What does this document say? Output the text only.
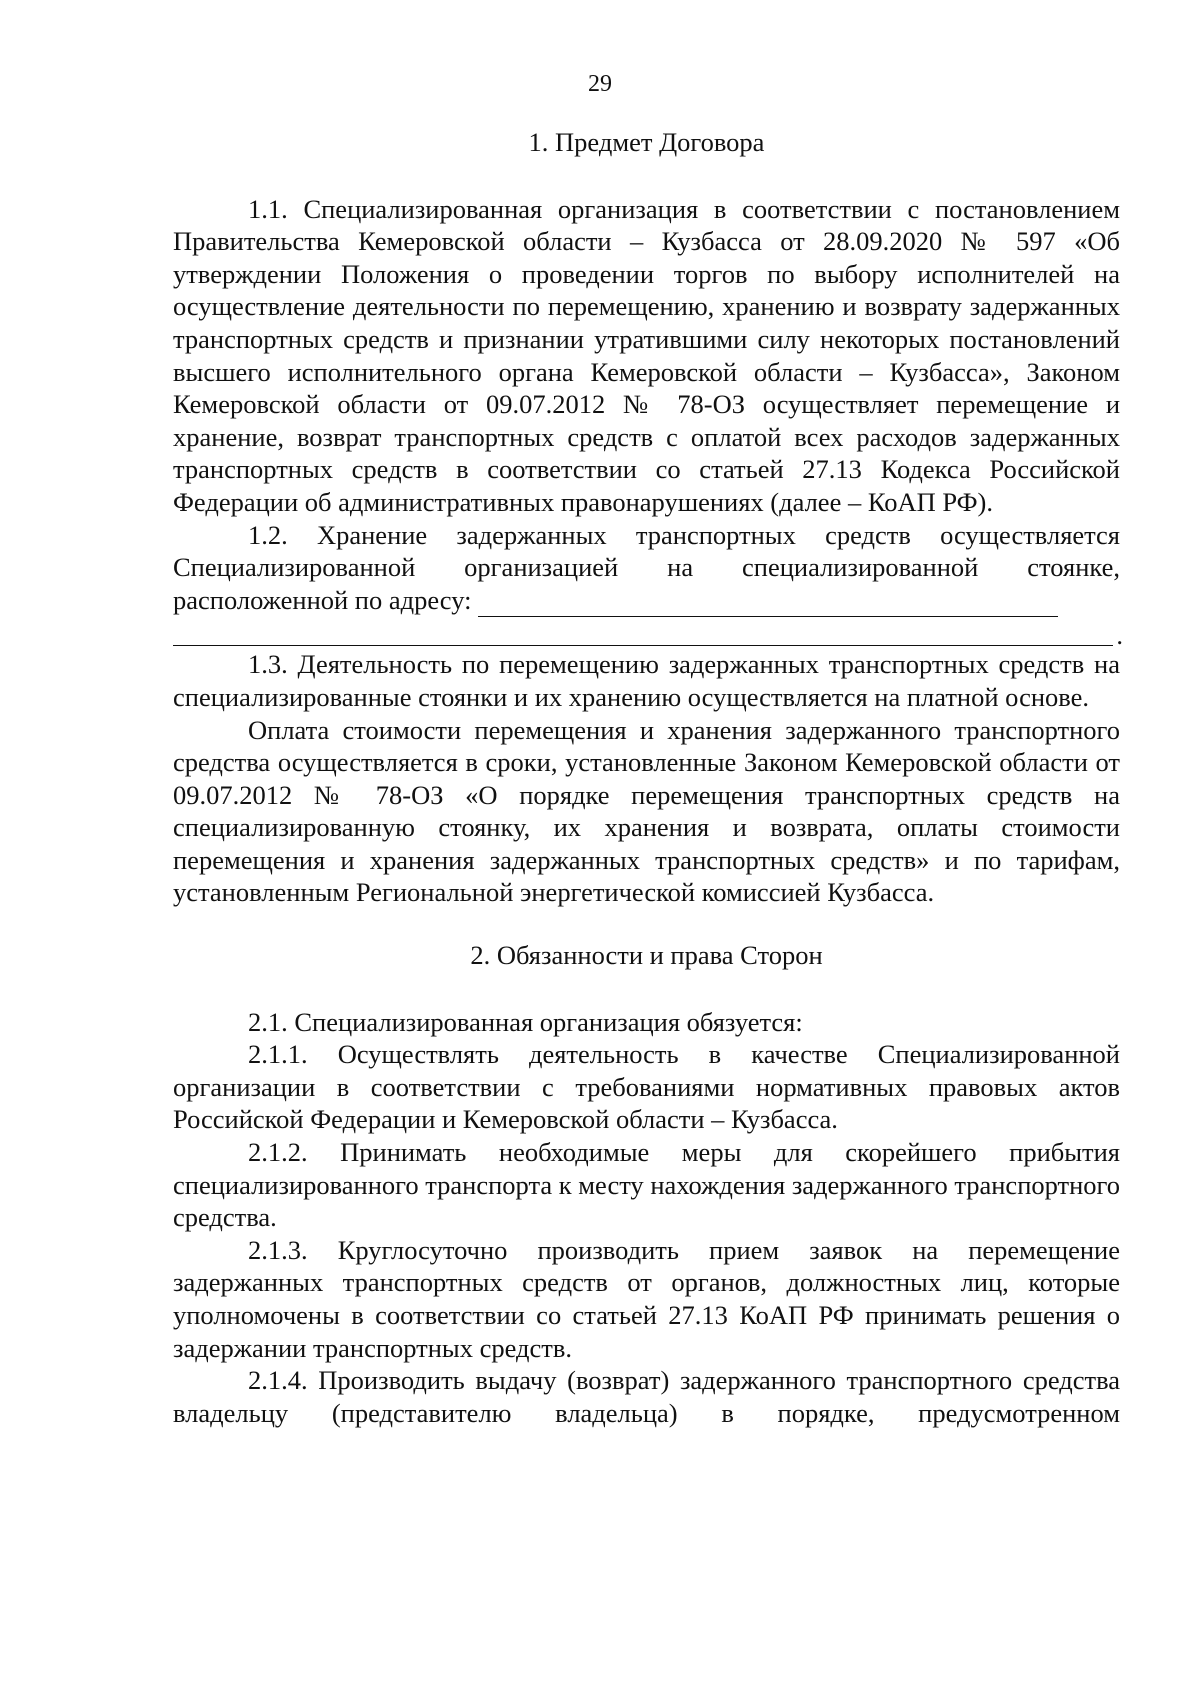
29
1. Предмет Договора

1.1. Специализированная организация в соответствии с постановлением Правительства Кемеровской области – Кузбасса от 28.09.2020 № 597 «Об утверждении Положения о проведении торгов по выбору исполнителей на осуществление деятельности по перемещению, хранению и возврату задержанных транспортных средств и признании утратившими силу некоторых постановлений высшего исполнительного органа Кемеровской области – Кузбасса», Законом Кемеровской области от 09.07.2012 № 78-ОЗ осуществляет перемещение и хранение, возврат транспортных средств с оплатой всех расходов задержанных транспортных средств в соответствии со статьей 27.13 Кодекса Российской Федерации об административных правонарушениях (далее – КоАП РФ).

1.2. Хранение задержанных транспортных средств осуществляется Специализированной организацией на специализированной стоянке, расположенной по адресу:

.

1.3. Деятельность по перемещению задержанных транспортных средств на специализированные стоянки и их хранению осуществляется на платной основе.

Оплата стоимости перемещения и хранения задержанного транспортного средства осуществляется в сроки, установленные Законом Кемеровской области от 09.07.2012 № 78-ОЗ «О порядке перемещения транспортных средств на специализированную стоянку, их хранения и возврата, оплаты стоимости перемещения и хранения задержанных транспортных средств» и по тарифам, установленным Региональной энергетической комиссией Кузбасса.

2. Обязанности и права Сторон

2.1. Специализированная организация обязуется:

2.1.1. Осуществлять деятельность в качестве Специализированной организации в соответствии с требованиями нормативных правовых актов Российской Федерации и Кемеровской области – Кузбасса.

2.1.2. Принимать необходимые меры для скорейшего прибытия специализированного транспорта к месту нахождения задержанного транспортного средства.

2.1.3. Круглосуточно производить прием заявок на перемещение задержанных транспортных средств от органов, должностных лиц, которые уполномочены в соответствии со статьей 27.13 КоАП РФ принимать решения о задержании транспортных средств.

2.1.4. Производить выдачу (возврат) задержанного транспортного средства владельцу (представителю владельца) в порядке, предусмотренном
